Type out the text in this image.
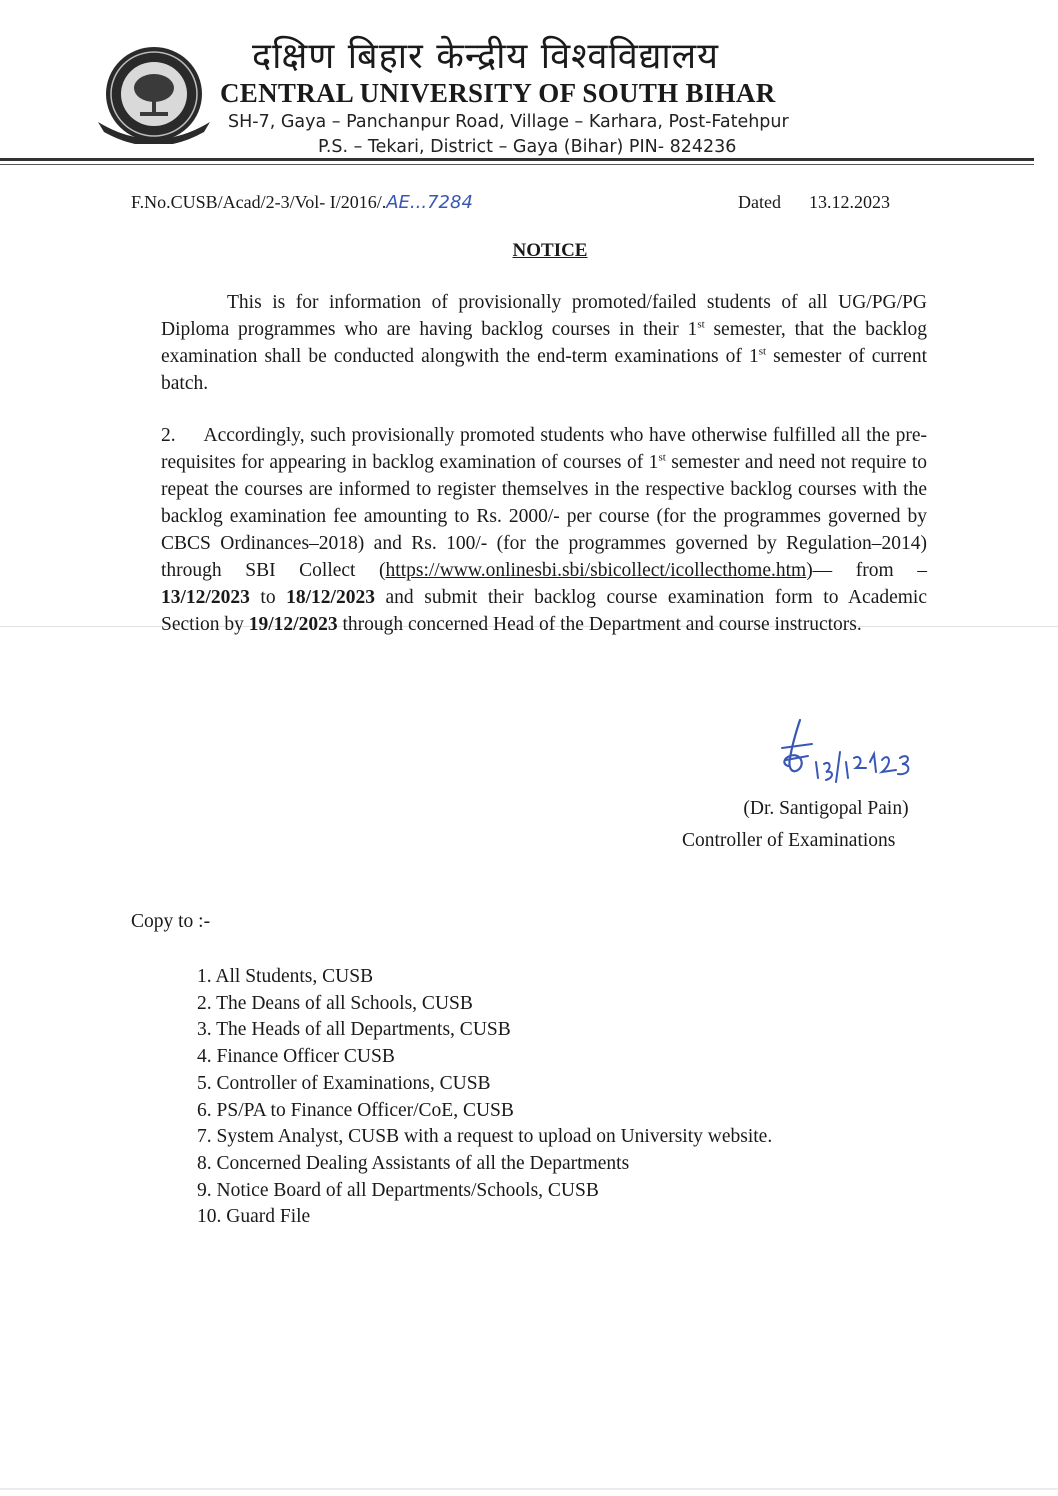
दक्षिण बिहार केन्द्रीय विश्वविद्यालय
CENTRAL UNIVERSITY OF SOUTH BIHAR
SH-7, Gaya – Panchanpur Road, Village – Karhara, Post-Fatehpur
P.S. – Tekari, District – Gaya (Bihar) PIN- 824236
F.No.CUSB/Acad/2-3/Vol- I/2016/.AE...7284	Dated 13.12.2023
NOTICE
This is for information of provisionally promoted/failed students of all UG/PG/PG Diploma programmes who are having backlog courses in their 1st semester, that the backlog examination shall be conducted alongwith the end-term examinations of 1st semester of current batch.
2. Accordingly, such provisionally promoted students who have otherwise fulfilled all the pre-requisites for appearing in backlog examination of courses of 1st semester and need not require to repeat the courses are informed to register themselves in the respective backlog courses with the backlog examination fee amounting to Rs. 2000/- per course (for the programmes governed by CBCS Ordinances–2018) and Rs. 100/- (for the programmes governed by Regulation–2014) through SBI Collect (https://www.onlinesbi.sbi/sbicollect/icollecthome.htm)— from – 13/12/2023 to 18/12/2023 and submit their backlog course examination form to Academic Section by 19/12/2023 through concerned Head of the Department and course instructors.
(Dr. Santigopal Pain)
Controller of Examinations
Copy to :-
1. All Students, CUSB
2. The Deans of all Schools, CUSB
3. The Heads of all Departments, CUSB
4. Finance Officer CUSB
5. Controller of Examinations, CUSB
6. PS/PA to Finance Officer/CoE, CUSB
7. System Analyst, CUSB with a request to upload on University website.
8. Concerned Dealing Assistants of all the Departments
9. Notice Board of all Departments/Schools, CUSB
10. Guard File
